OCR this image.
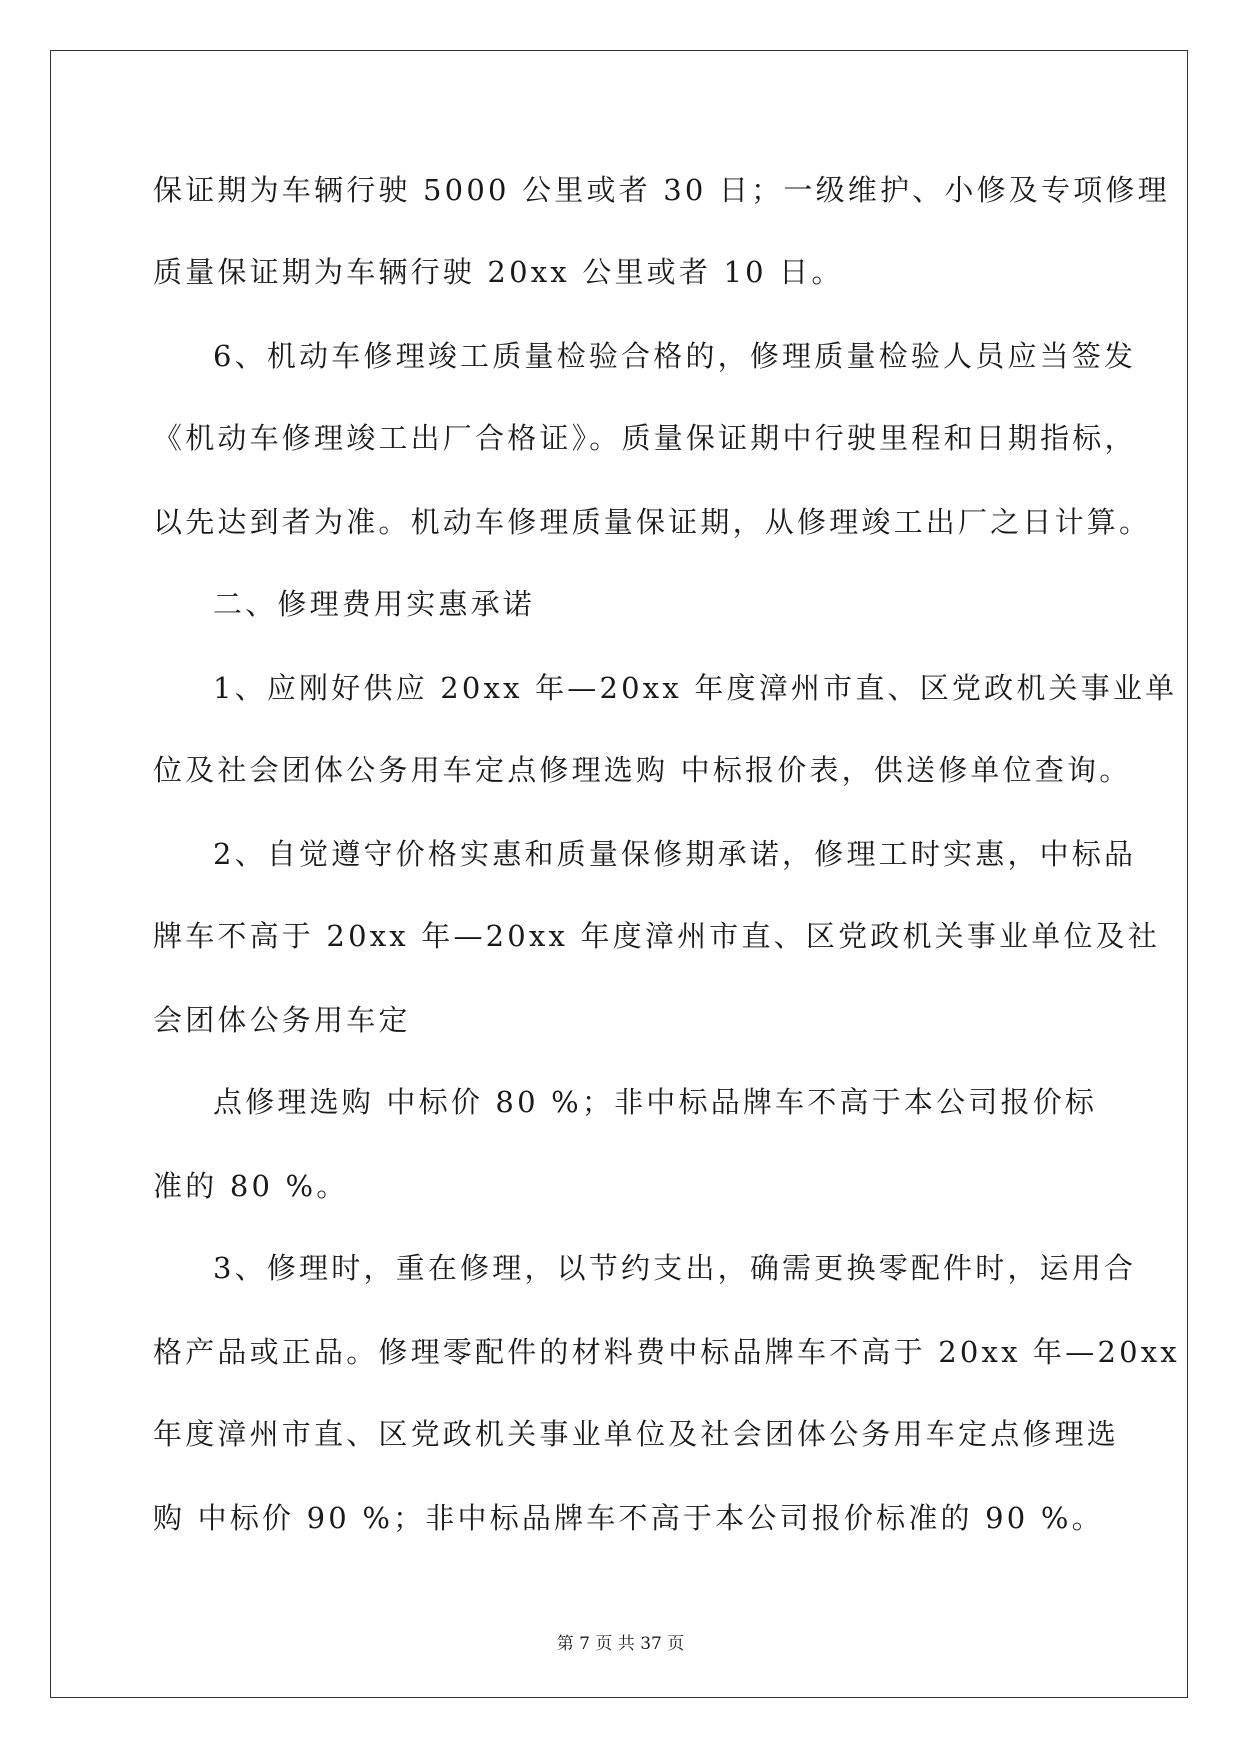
保证期为车辆行驶 5000 公里或者 30 日；一级维护、小修及专项修理
质量保证期为车辆行驶 20xx 公里或者 10 日。
6、机动车修理竣工质量检验合格的，修理质量检验人员应当签发
《机动车修理竣工出厂合格证》。质量保证期中行驶里程和日期指标，
以先达到者为准。机动车修理质量保证期，从修理竣工出厂之日计算。
二、修理费用实惠承诺
1、应刚好供应 20xx 年—20xx 年度漳州市直、区党政机关事业单
位及社会团体公务用车定点修理选购 中标报价表，供送修单位查询。
2、自觉遵守价格实惠和质量保修期承诺，修理工时实惠，中标品
牌车不高于 20xx 年—20xx 年度漳州市直、区党政机关事业单位及社
会团体公务用车定
点修理选购 中标价 80 %；非中标品牌车不高于本公司报价标
准的 80 %。
3、修理时，重在修理，以节约支出，确需更换零配件时，运用合
格产品或正品。修理零配件的材料费中标品牌车不高于 20xx 年—20xx
年度漳州市直、区党政机关事业单位及社会团体公务用车定点修理选
购 中标价 90 %；非中标品牌车不高于本公司报价标准的 90 %。
第 7 页 共 37 页
